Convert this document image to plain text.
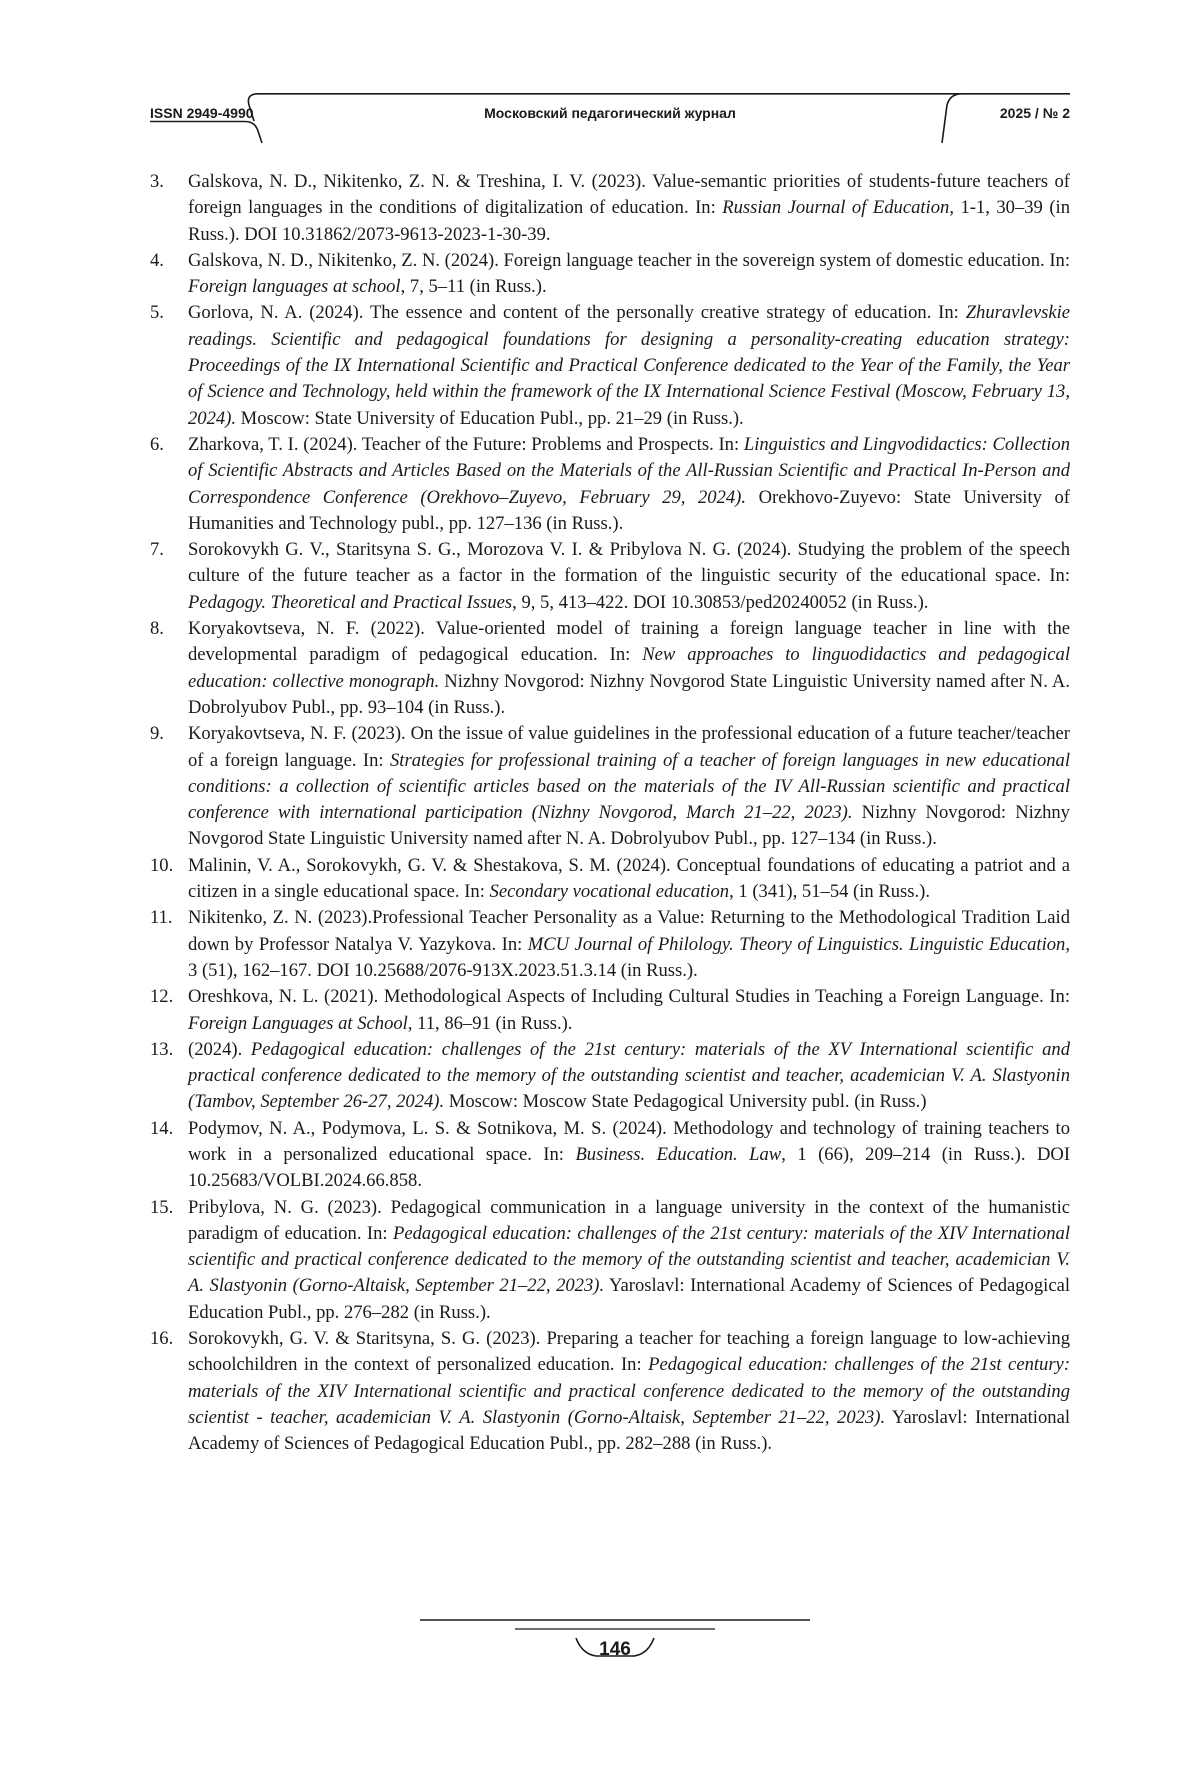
ISSN 2949-4990	Московский педагогический журнал	2025 / № 2
3. Galskova, N. D., Nikitenko, Z. N. & Treshina, I. V. (2023). Value-semantic priorities of students-future teachers of foreign languages in the conditions of digitalization of education. In: Russian Journal of Education, 1-1, 30–39 (in Russ.). DOI 10.31862/2073-9613-2023-1-30-39.
4. Galskova, N. D., Nikitenko, Z. N. (2024). Foreign language teacher in the sovereign system of domestic education. In: Foreign languages at school, 7, 5–11 (in Russ.).
5. Gorlova, N. A. (2024). The essence and content of the personally creative strategy of education. In: Zhuravlevskie readings. Scientific and pedagogical foundations for designing a personality-creating education strategy: Proceedings of the IX International Scientific and Practical Conference dedicated to the Year of the Family, the Year of Science and Technology, held within the framework of the IX International Science Festival (Moscow, February 13, 2024). Moscow: State University of Education Publ., pp. 21–29 (in Russ.).
6. Zharkova, T. I. (2024). Teacher of the Future: Problems and Prospects. In: Linguistics and Lingvodidactics: Collection of Scientific Abstracts and Articles Based on the Materials of the All-Russian Scientific and Practical In-Person and Correspondence Conference (Orekhovo–Zuyevo, February 29, 2024). Orekhovo-Zuyevo: State University of Humanities and Technology publ., pp. 127–136 (in Russ.).
7. Sorokovykh G. V., Staritsyna S. G., Morozova V. I. & Pribylova N. G. (2024). Studying the problem of the speech culture of the future teacher as a factor in the formation of the linguistic security of the educational space. In: Pedagogy. Theoretical and Practical Issues, 9, 5, 413–422. DOI 10.30853/ped20240052 (in Russ.).
8. Koryakovtseva, N. F. (2022). Value-oriented model of training a foreign language teacher in line with the developmental paradigm of pedagogical education. In: New approaches to linguodidactics and pedagogical education: collective monograph. Nizhny Novgorod: Nizhny Novgorod State Linguistic University named after N. A. Dobrolyubov Publ., pp. 93–104 (in Russ.).
9. Koryakovtseva, N. F. (2023). On the issue of value guidelines in the professional education of a future teacher/teacher of a foreign language. In: Strategies for professional training of a teacher of foreign languages in new educational conditions: a collection of scientific articles based on the materials of the IV All-Russian scientific and practical conference with international participation (Nizhny Novgorod, March 21–22, 2023). Nizhny Novgorod: Nizhny Novgorod State Linguistic University named after N. A. Dobrolyubov Publ., pp. 127–134 (in Russ.).
10. Malinin, V. A., Sorokovykh, G. V. & Shestakova, S. M. (2024). Conceptual foundations of educating a patriot and a citizen in a single educational space. In: Secondary vocational education, 1 (341), 51–54 (in Russ.).
11. Nikitenko, Z. N. (2023).Professional Teacher Personality as a Value: Returning to the Methodological Tradition Laid down by Professor Natalya V. Yazykova. In: MCU Journal of Philology. Theory of Linguistics. Linguistic Education, 3 (51), 162–167. DOI 10.25688/2076-913X.2023.51.3.14 (in Russ.).
12. Oreshkova, N. L. (2021). Methodological Aspects of Including Cultural Studies in Teaching a Foreign Language. In: Foreign Languages at School, 11, 86–91 (in Russ.).
13. (2024). Pedagogical education: challenges of the 21st century: materials of the XV International scientific and practical conference dedicated to the memory of the outstanding scientist and teacher, academician V. A. Slastyonin (Tambov, September 26-27, 2024). Moscow: Moscow State Pedagogical University publ. (in Russ.)
14. Podymov, N. A., Podymova, L. S. & Sotnikova, M. S. (2024). Methodology and technology of training teachers to work in a personalized educational space. In: Business. Education. Law, 1 (66), 209–214 (in Russ.). DOI 10.25683/VOLBI.2024.66.858.
15. Pribylova, N. G. (2023). Pedagogical communication in a language university in the context of the humanistic paradigm of education. In: Pedagogical education: challenges of the 21st century: materials of the XIV International scientific and practical conference dedicated to the memory of the outstanding scientist and teacher, academician V. A. Slastyonin (Gorno-Altaisk, September 21–22, 2023). Yaroslavl: International Academy of Sciences of Pedagogical Education Publ., pp. 276–282 (in Russ.).
16. Sorokovykh, G. V. & Staritsyna, S. G. (2023). Preparing a teacher for teaching a foreign language to low-achieving schoolchildren in the context of personalized education. In: Pedagogical education: challenges of the 21st century: materials of the XIV International scientific and practical conference dedicated to the memory of the outstanding scientist - teacher, academician V. A. Slastyonin (Gorno-Altaisk, September 21–22, 2023). Yaroslavl: International Academy of Sciences of Pedagogical Education Publ., pp. 282–288 (in Russ.).
146
